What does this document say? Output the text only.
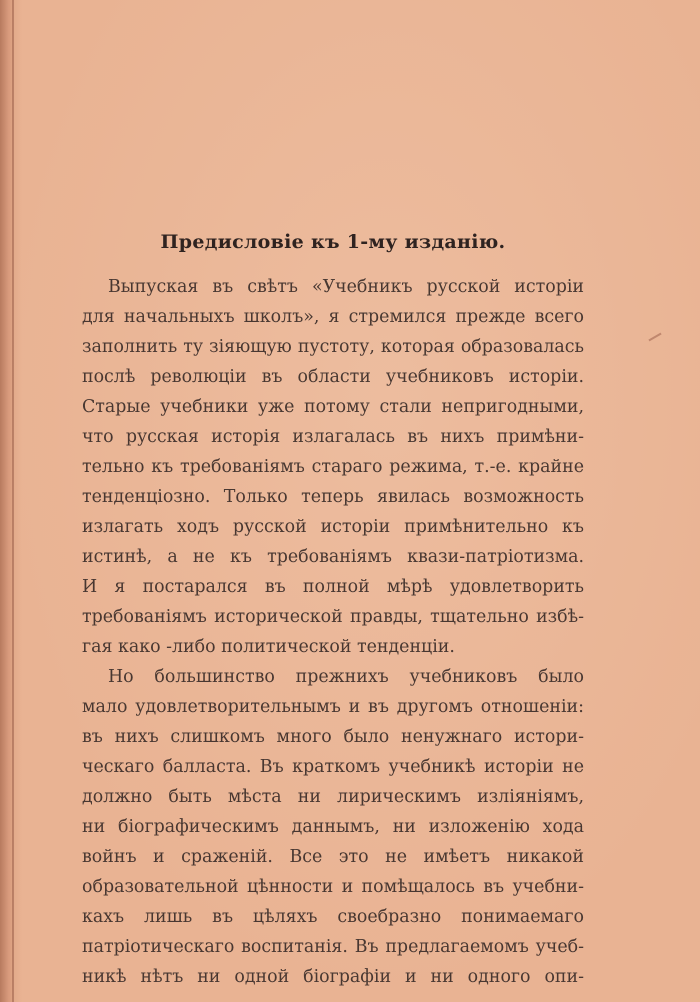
Предисловіе къ 1-му изданію.
Выпуская въ свѣтъ «Учебникъ русской исторіи
для начальныхъ школъ», я стремился прежде всего
заполнить ту зіяющую пустоту, которая образовалась
послѣ революціи въ области учебниковъ исторіи.
Старые учебники уже потому стали непригодными,
что русская исторія излагалась въ нихъ примѣни-
тельно къ требованіямъ стараго режима, т.-е. крайне
тенденціозно. Только теперь явилась возможность
излагать ходъ русской исторіи примѣнительно къ
истинѣ, а не къ требованіямъ квази-патріотизма.
И я постарался въ полной мѣрѣ удовлетворить
требованіямъ исторической правды, тщательно избѣ-
гая како -либо политической тенденціи.
Но большинство прежнихъ учебниковъ было
мало удовлетворительнымъ и въ другомъ отношеніи:
въ нихъ слишкомъ много было ненужнаго истори-
ческаго балласта. Въ краткомъ учебникѣ исторіи не
должно быть мѣста ни лирическимъ изліяніямъ,
ни біографическимъ даннымъ, ни изложенію хода
войнъ и сраженій. Все это не имѣетъ никакой
образовательной цѣнности и помѣщалось въ учебни-
кахъ лишь въ цѣляхъ своебразно понимаемаго
патріотическаго воспитанія. Въ предлагаемомъ учеб-
никѣ нѣтъ ни одной біографіи и ни одного опи-
